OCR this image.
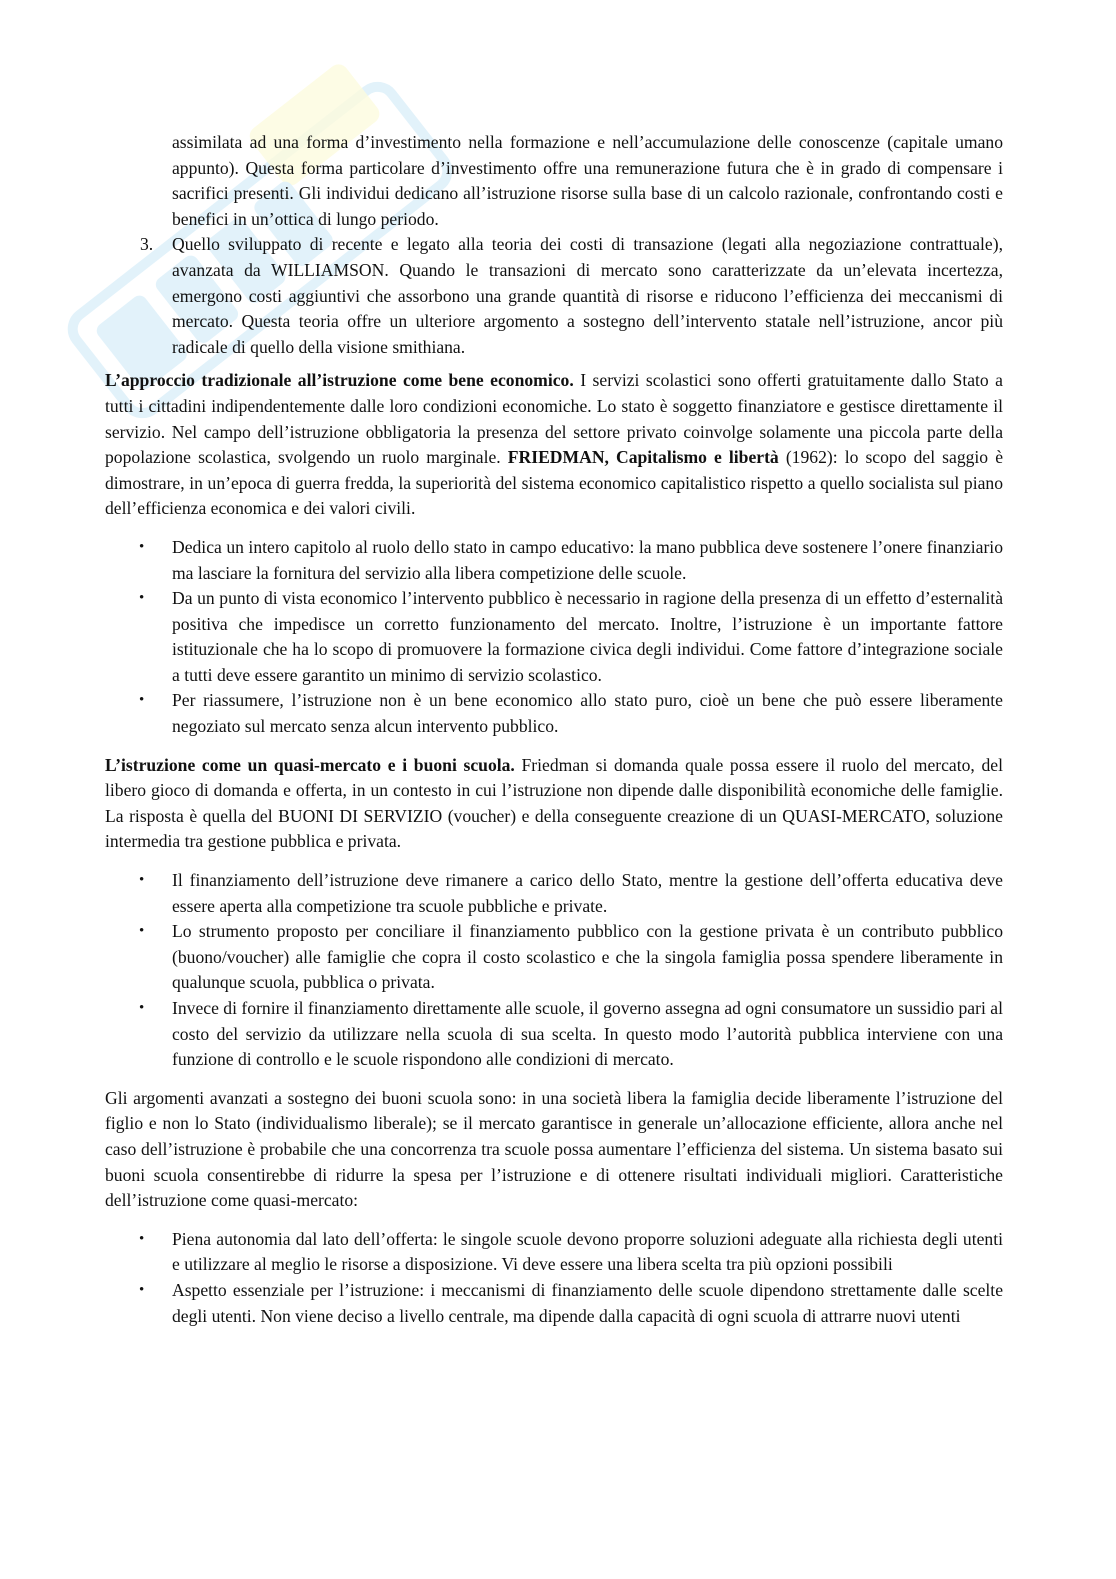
assimilata ad una forma d’investimento nella formazione e nell’accumulazione delle conoscenze (capitale umano appunto). Questa forma particolare d’investimento offre una remunerazione futura che è in grado di compensare i sacrifici presenti. Gli individui dedicano all’istruzione risorse sulla base di un calcolo razionale, confrontando costi e benefici in un’ottica di lungo periodo.

3. Quello sviluppato di recente e legato alla teoria dei costi di transazione (legati alla negoziazione contrattuale), avanzata da WILLIAMSON. Quando le transazioni di mercato sono caratterizzate da un’elevata incertezza, emergono costi aggiuntivi che assorbono una grande quantità di risorse e riducono l’efficienza dei meccanismi di mercato. Questa teoria offre un ulteriore argomento a sostegno dell’intervento statale nell’istruzione, ancor più radicale di quello della visione smithiana.

L’approccio tradizionale all’istruzione come bene economico. I servizi scolastici sono offerti gratuitamente dallo Stato a tutti i cittadini indipendentemente dalle loro condizioni economiche. Lo stato è soggetto finanziatore e gestisce direttamente il servizio. Nel campo dell’istruzione obbligatoria la presenza del settore privato coinvolge solamente una piccola parte della popolazione scolastica, svolgendo un ruolo marginale. FRIEDMAN, Capitalismo e libertà (1962): lo scopo del saggio è dimostrare, in un’epoca di guerra fredda, la superiorità del sistema economico capitalistico rispetto a quello socialista sul piano dell’efficienza economica e dei valori civili.

• Dedica un intero capitolo al ruolo dello stato in campo educativo: la mano pubblica deve sostenere l’onere finanziario ma lasciare la fornitura del servizio alla libera competizione delle scuole.
• Da un punto di vista economico l’intervento pubblico è necessario in ragione della presenza di un effetto d’esternalità positiva che impedisce un corretto funzionamento del mercato. Inoltre, l’istruzione è un importante fattore istituzionale che ha lo scopo di promuovere la formazione civica degli individui. Come fattore d’integrazione sociale a tutti deve essere garantito un minimo di servizio scolastico.
• Per riassumere, l’istruzione non è un bene economico allo stato puro, cioè un bene che può essere liberamente negoziato sul mercato senza alcun intervento pubblico.

L’istruzione come un quasi-mercato e i buoni scuola. Friedman si domanda quale possa essere il ruolo del mercato, del libero gioco di domanda e offerta, in un contesto in cui l’istruzione non dipende dalle disponibilità economiche delle famiglie. La risposta è quella del BUONI DI SERVIZIO (voucher) e della conseguente creazione di un QUASI-MERCATO, soluzione intermedia tra gestione pubblica e privata.

• Il finanziamento dell’istruzione deve rimanere a carico dello Stato, mentre la gestione dell’offerta educativa deve essere aperta alla competizione tra scuole pubbliche e private.
• Lo strumento proposto per conciliare il finanziamento pubblico con la gestione privata è un contributo pubblico (buono/voucher) alle famiglie che copra il costo scolastico e che la singola famiglia possa spendere liberamente in qualunque scuola, pubblica o privata.
• Invece di fornire il finanziamento direttamente alle scuole, il governo assegna ad ogni consumatore un sussidio pari al costo del servizio da utilizzare nella scuola di sua scelta. In questo modo l’autorità pubblica interviene con una funzione di controllo e le scuole rispondono alle condizioni di mercato.

Gli argomenti avanzati a sostegno dei buoni scuola sono: in una società libera la famiglia decide liberamente l’istruzione del figlio e non lo Stato (individualismo liberale); se il mercato garantisce in generale un’allocazione efficiente, allora anche nel caso dell’istruzione è probabile che una concorrenza tra scuole possa aumentare l’efficienza del sistema. Un sistema basato sui buoni scuola consentirebbe di ridurre la spesa per l’istruzione e di ottenere risultati individuali migliori. Caratteristiche dell’istruzione come quasi-mercato:

• Piena autonomia dal lato dell’offerta: le singole scuole devono proporre soluzioni adeguate alla richiesta degli utenti e utilizzare al meglio le risorse a disposizione. Vi deve essere una libera scelta tra più opzioni possibili
• Aspetto essenziale per l’istruzione: i meccanismi di finanziamento delle scuole dipendono strettamente dalle scelte degli utenti. Non viene deciso a livello centrale, ma dipende dalla capacità di ogni scuola di attrarre nuovi utenti
